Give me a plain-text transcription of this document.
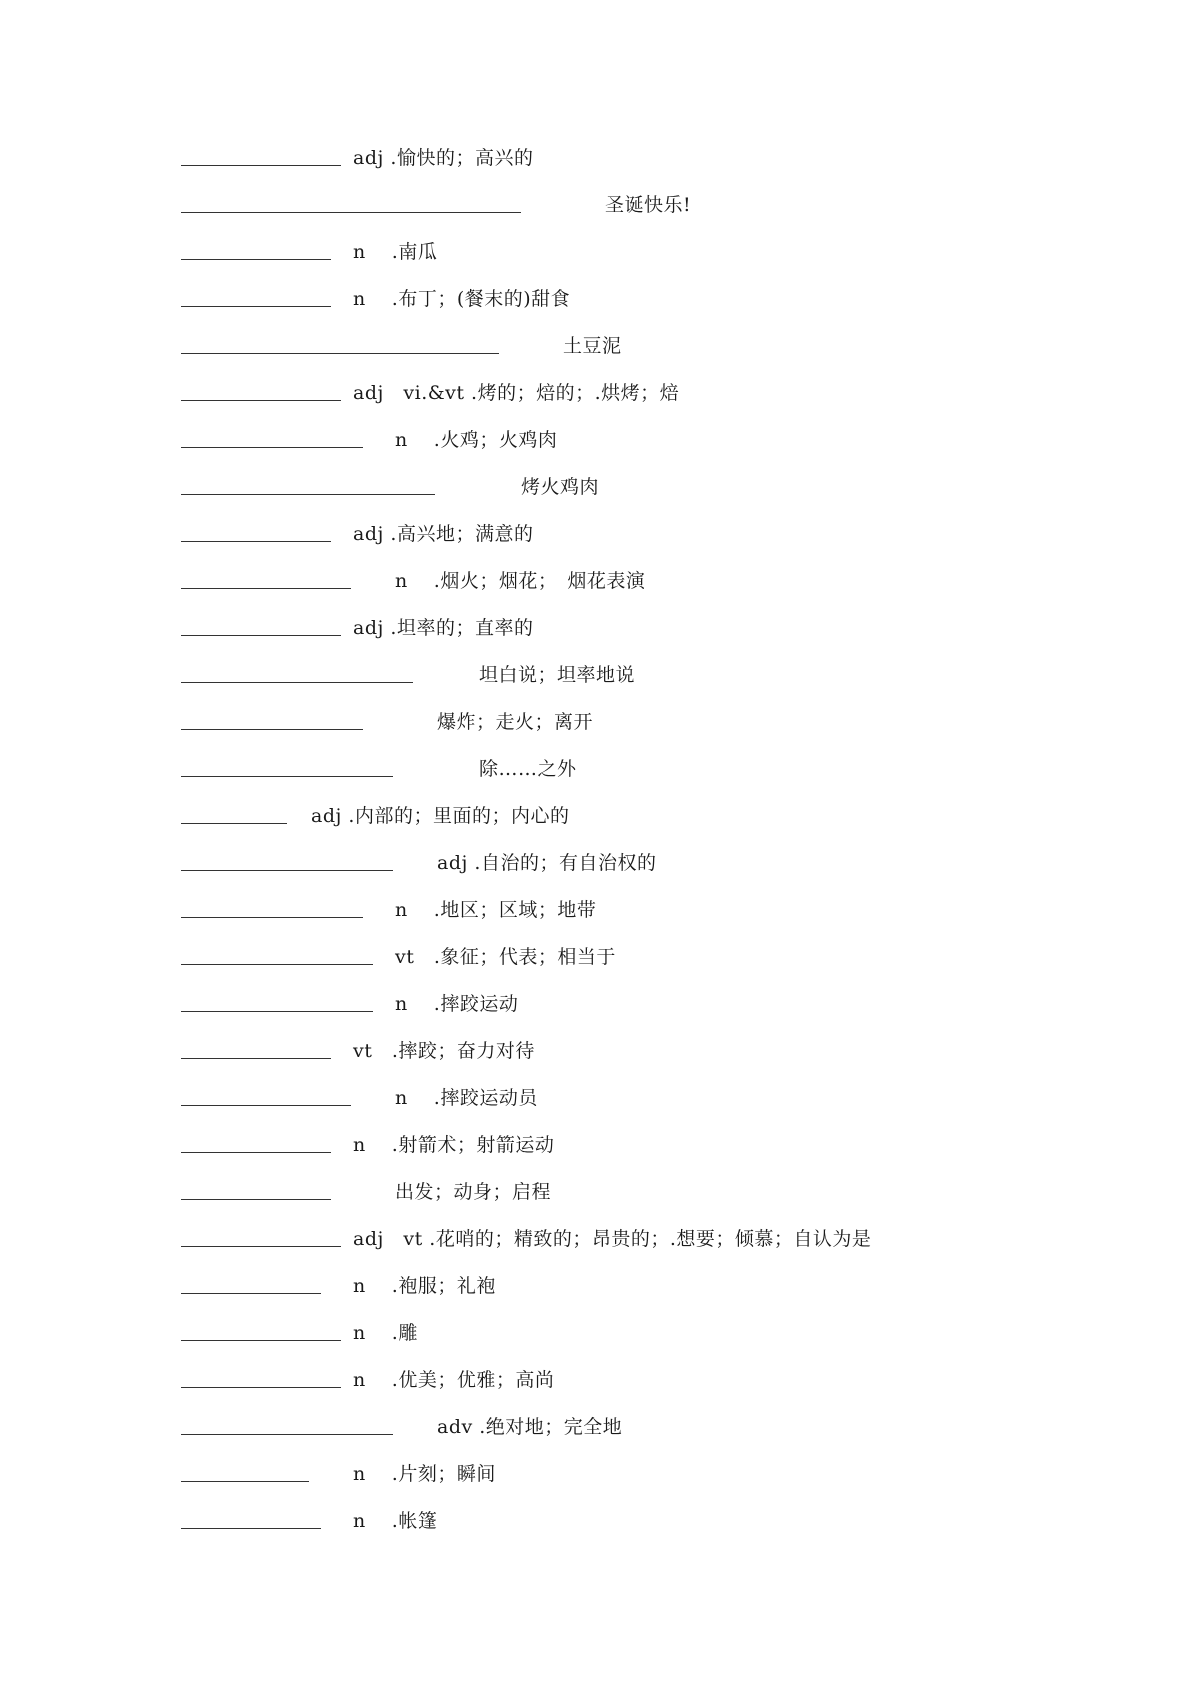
adj .愉快的；高兴的
圣诞快乐!
n　 .南瓜
n　 .布丁；(餐末的)甜食
土豆泥
adj　vi.&vt .烤的；焙的；.烘烤；焙
n　 .火鸡；火鸡肉
烤火鸡肉
adj .高兴地；满意的
n　 .烟火；烟花；　烟花表演
adj .坦率的；直率的
坦白说；坦率地说
爆炸；走火；离开
除……之外
adj .内部的；里面的；内心的
adj .自治的；有自治权的
n　 .地区；区域；地带
vt　.象征；代表；相当于
n　 .摔跤运动
vt　.摔跤；奋力对待
n　 .摔跤运动员
n　 .射箭术；射箭运动
出发；动身；启程
adj　vt .花哨的；精致的；昂贵的；.想要；倾慕；自认为是
n　 .袍服；礼袍
n　 .雕
n　 .优美；优雅；高尚
adv .绝对地；完全地
n　 .片刻；瞬间
n　 .帐篷
